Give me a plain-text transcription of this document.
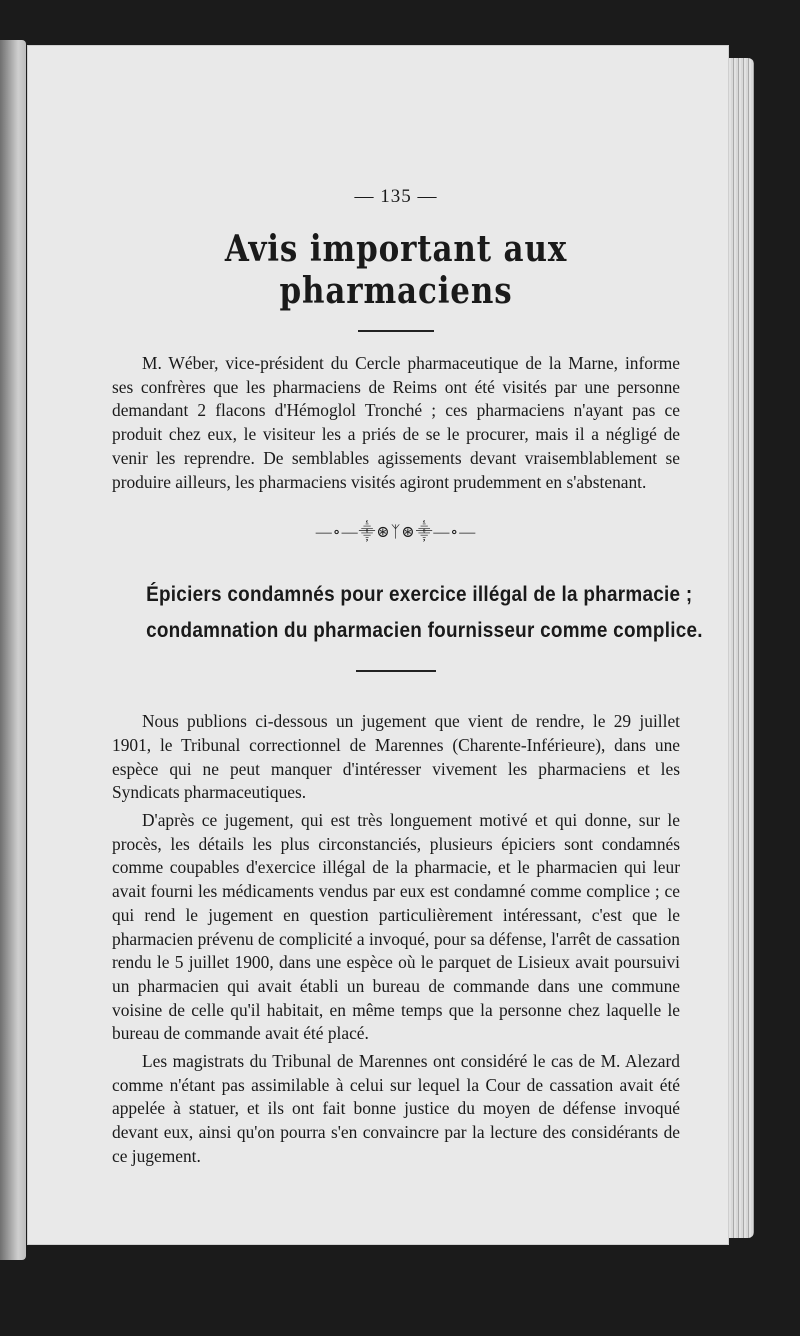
— 135 —
Avis important aux pharmaciens

M. Wéber, vice-président du Cercle pharmaceutique de la Marne, informe ses confrères que les pharmaciens de Reims ont été visités par une personne demandant 2 flacons d'Hémoglol Tronché ; ces pharmaciens n'ayant pas ce produit chez eux, le visiteur les a priés de se le procurer, mais il a négligé de venir les reprendre. De semblables agissements devant vraisemblablement se produire ailleurs, les pharmaciens visités agiront prudemment en s'abstenant.

—∘—⸎⊛ᛉ⊛⸎—∘—
Épiciers condamnés pour exercice illégal de la pharmacie ;
condamnation du pharmacien fournisseur comme complice.

Nous publions ci-dessous un jugement que vient de rendre, le 29 juillet 1901, le Tribunal correctionnel de Marennes (Charente-Inférieure), dans une espèce qui ne peut manquer d'intéresser vivement les pharmaciens et les Syndicats pharmaceutiques.

D'après ce jugement, qui est très longuement motivé et qui donne, sur le procès, les détails les plus circonstanciés, plusieurs épiciers sont condamnés comme coupables d'exercice illégal de la pharmacie, et le pharmacien qui leur avait fourni les médicaments vendus par eux est condamné comme complice ; ce qui rend le jugement en question particulièrement intéressant, c'est que le pharmacien prévenu de complicité a invoqué, pour sa défense, l'arrêt de cassation rendu le 5 juillet 1900, dans une espèce où le parquet de Lisieux avait poursuivi un pharmacien qui avait établi un bureau de commande dans une commune voisine de celle qu'il habitait, en même temps que la personne chez laquelle le bureau de commande avait été placé.

Les magistrats du Tribunal de Marennes ont considéré le cas de M. Alezard comme n'étant pas assimilable à celui sur lequel la Cour de cassation avait été appelée à statuer, et ils ont fait bonne justice du moyen de défense invoqué devant eux, ainsi qu'on pourra s'en convaincre par la lecture des considérants de ce jugement.
